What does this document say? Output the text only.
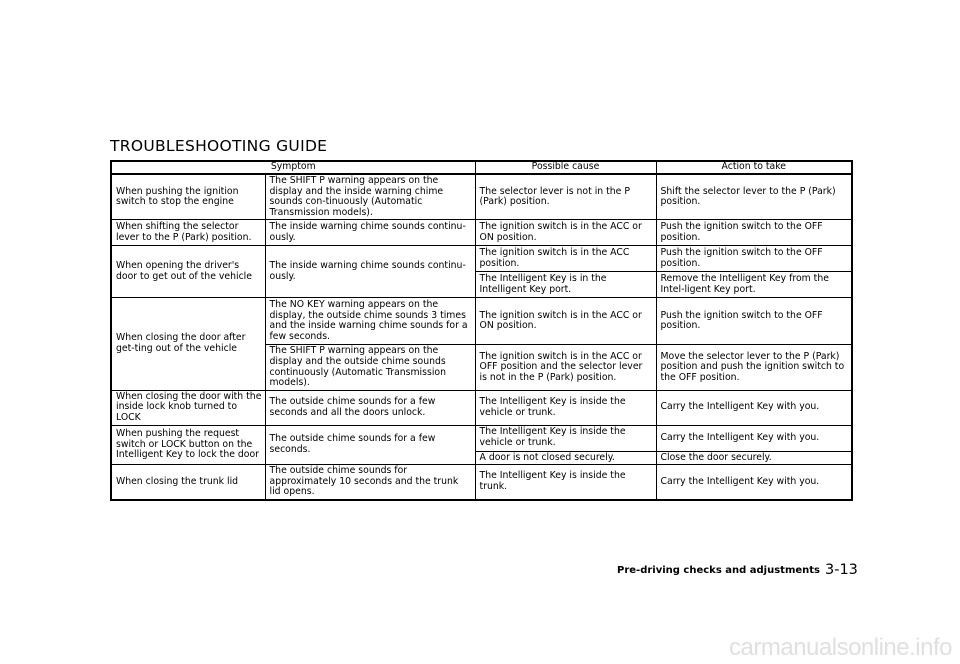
TROUBLESHOOTING GUIDE
Symptom		Possible cause	Action to take
When pushing the ignition switch to stop the engine	The SHIFT P warning appears on the display and the inside warning chime sounds con-tinuously (Automatic Transmission models).	The selector lever is not in the P (Park) position.	Shift the selector lever to the P (Park) position.
When shifting the selector lever to the P (Park) position.	The inside warning chime sounds continu-ously.	The ignition switch is in the ACC or ON position.	Push the ignition switch to the OFF position.
When opening the driver's door to get out of the vehicle	The inside warning chime sounds continu-ously.	The ignition switch is in the ACC position.	Push the ignition switch to the OFF position.
		The Intelligent Key is in the Intelligent Key port.	Remove the Intelligent Key from the Intel-ligent Key port.
When closing the door after get-ting out of the vehicle	The NO KEY warning appears on the display, the outside chime sounds 3 times and the inside warning chime sounds for a few seconds.	The ignition switch is in the ACC or ON position.	Push the ignition switch to the OFF position.
	The SHIFT P warning appears on the display and the outside chime sounds continuously (Automatic Transmission models).	The ignition switch is in the ACC or OFF position and the selector lever is not in the P (Park) position.	Move the selector lever to the P (Park) position and push the ignition switch to the OFF position.
When closing the door with the inside lock knob turned to LOCK	The outside chime sounds for a few seconds and all the doors unlock.	The Intelligent Key is inside the vehicle or trunk.	Carry the Intelligent Key with you.
When pushing the request switch or LOCK button on the Intelligent Key to lock the door	The outside chime sounds for a few seconds.	The Intelligent Key is inside the vehicle or trunk.	Carry the Intelligent Key with you.
		A door is not closed securely.	Close the door securely.
When closing the trunk lid	The outside chime sounds for approximately 10 seconds and the trunk lid opens.	The Intelligent Key is inside the trunk.	Carry the Intelligent Key with you.
Pre-driving checks and adjustments 3-13
carmanualsonline.info
